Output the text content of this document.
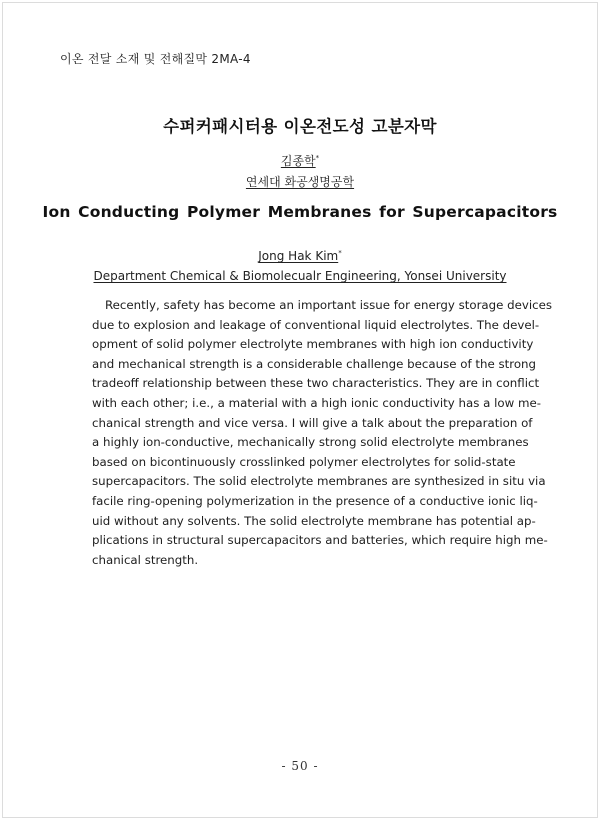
이온 전달 소재 및 전해질막 2MA-4
수퍼커패시터용 이온전도성 고분자막
김종학*
연세대 화공생명공학
Ion Conducting Polymer Membranes for Supercapacitors
Jong Hak Kim*
Department Chemical & Biomolecualr Engineering, Yonsei University
Recently, safety has become an important issue for energy storage devices
due to explosion and leakage of conventional liquid electrolytes. The devel-
opment of solid polymer electrolyte membranes with high ion conductivity
and mechanical strength is a considerable challenge because of the strong
tradeoff relationship between these two characteristics. They are in conflict
with each other; i.e., a material with a high ionic conductivity has a low me-
chanical strength and vice versa. I will give a talk about the preparation of
a highly ion-conductive, mechanically strong solid electrolyte membranes
based on bicontinuously crosslinked polymer electrolytes for solid-state
supercapacitors. The solid electrolyte membranes are synthesized in situ via
facile ring-opening polymerization in the presence of a conductive ionic liq-
uid without any solvents. The solid electrolyte membrane has potential ap-
plications in structural supercapacitors and batteries, which require high me-
chanical strength.
- 50 -
